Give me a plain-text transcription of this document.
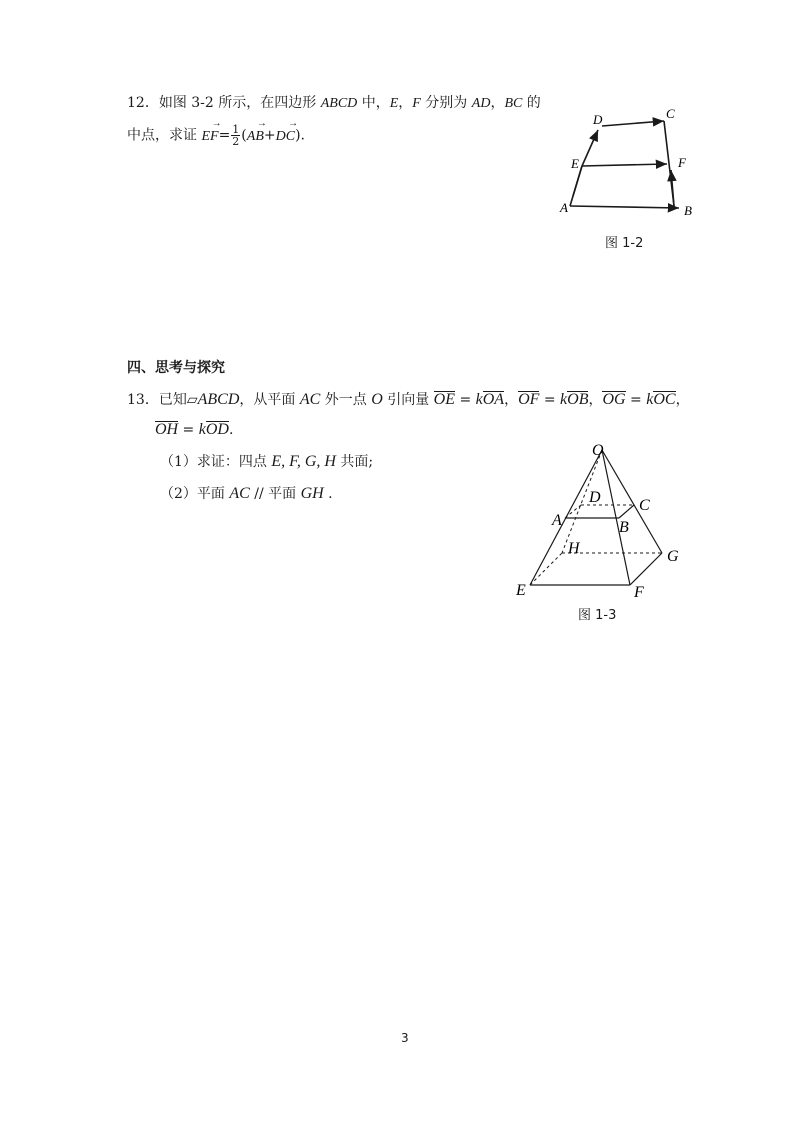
12．如图 3-2 所示，在四边形 ABCD 中，E，F 分别为 AD，BC 的
中点，求证 EF →= $\frac{1}{2} (AB \to+DC$ →).
D	C
E	F
A	B
图 1-2
四、思考与探究
13．已知▱ABCD，从平面 AC 外一点 O 引向量 OE = kOA，OF = kOB，OG = kOC，
OH = kOD.
（1）求证：四点 E, F, G, H 共面;
（2）平面 AC // 平面 GH .
O
D C
A	B
H	G
E	F
图 1-3
3
